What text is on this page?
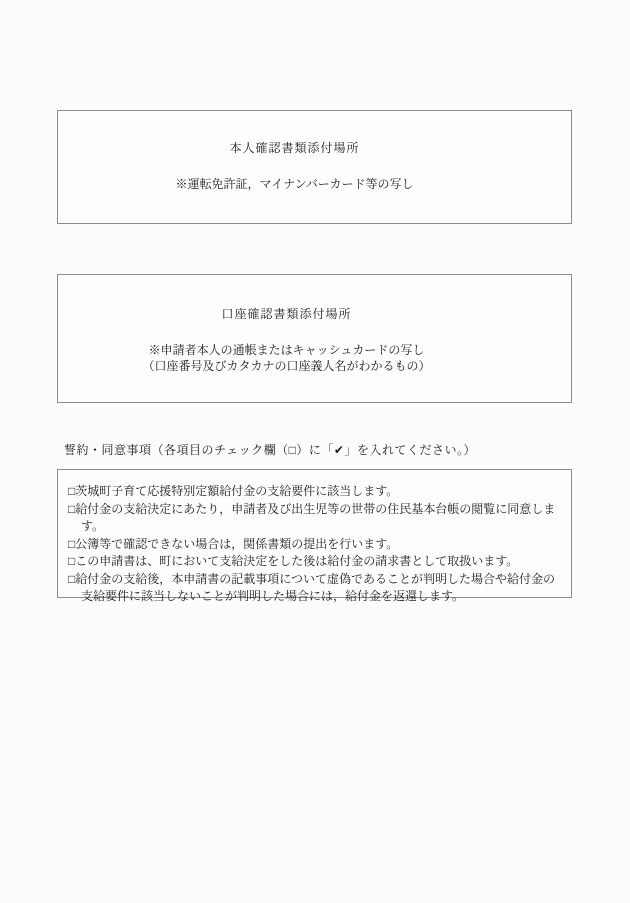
本人確認書類添付場所
※運転免許証，マイナンバーカード等の写し
口座確認書類添付場所
※申請者本人の通帳またはキャッシュカードの写し
（口座番号及びカタカナの口座義人名がわかるもの）
誓約・同意事項（各項目のチェック欄（□）に「✔」を入れてください。）
□茨城町子育て応援特別定額給付金の支給要件に該当します。
□給付金の支給決定にあたり，申請者及び出生児等の世帯の住民基本台帳の閲覧に同意します。
□公簿等で確認できない場合は，関係書類の提出を行います。
□この申請書は、町において支給決定をした後は給付金の請求書として取扱います。
□給付金の支給後，本申請書の記載事項について虚偽であることが判明した場合や給付金の支給要件に該当しないことが判明した場合には，給付金を返還します。
